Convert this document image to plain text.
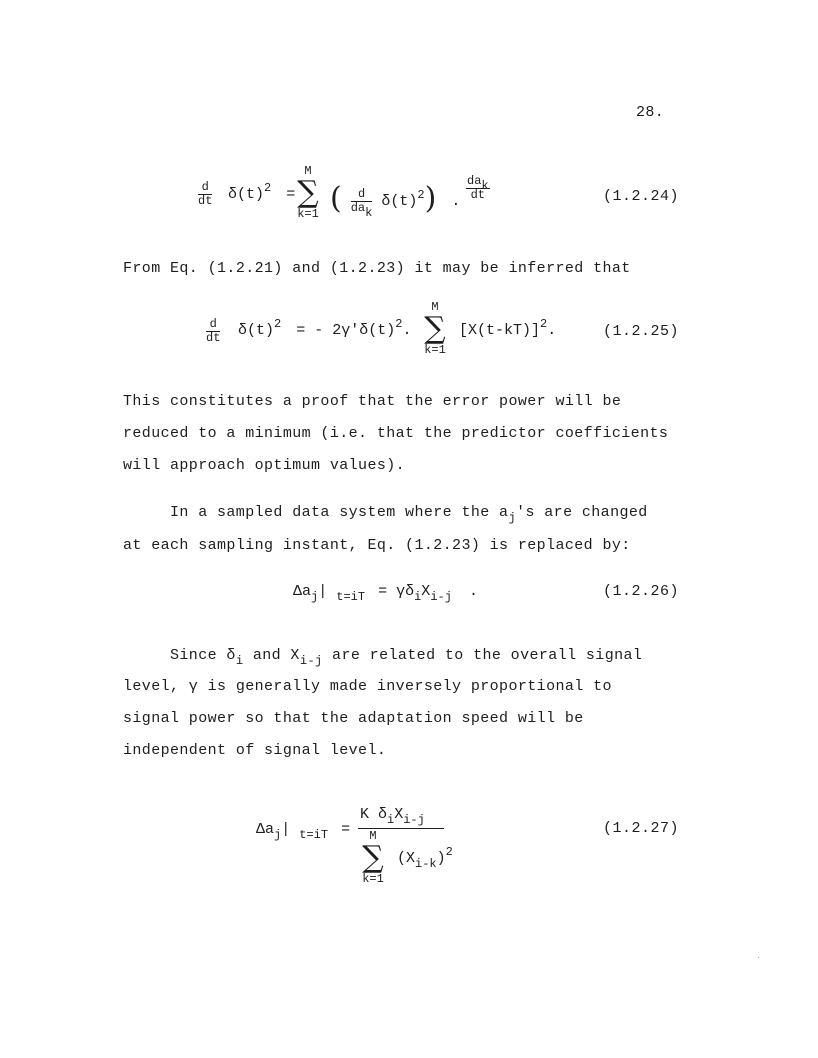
28.
$\frac{d}{dt} \delta(t)^2$ =
M
∑
k=1 ( $\frac{d}{\text{dak}} \delta(t)^2$) . $\frac{\text{dak}}{dt}$	(1.2.24)
From Eq. (1.2.21) and (1.2.23) it may be inferred that
$\frac{d}{dt} \delta(t)^2$ = - $2\gamma'\delta(t)^2$.
M
∑
k=1
$[X(t-kT)]^2$.	(1.2.25)
This constitutes a proof that the error power will be
reduced to a minimum (i.e. that the predictor coefficients
will approach optimum values).
In a sampled data system where the $a_j's$ are changed
at each sampling instant, Eq. (1.2.23) is replaced by:
$\Delta a_j|$ $_{t=iT} = \gamma\delta_iX_{i-j}$ .	(1.2.26)
Since $\delta_i$ and $X_{i-j}$ are related to the overall signal
level, γ is generally made inversely proportional to
signal power so that the adaptation speed will be
independent of signal level.
$\Delta a_j|$ $_{t=iT}$ =
K $\delta_iX_{i-j}$
M
∑
k=1
$(X_{i-k})^2$
(1.2.27)
